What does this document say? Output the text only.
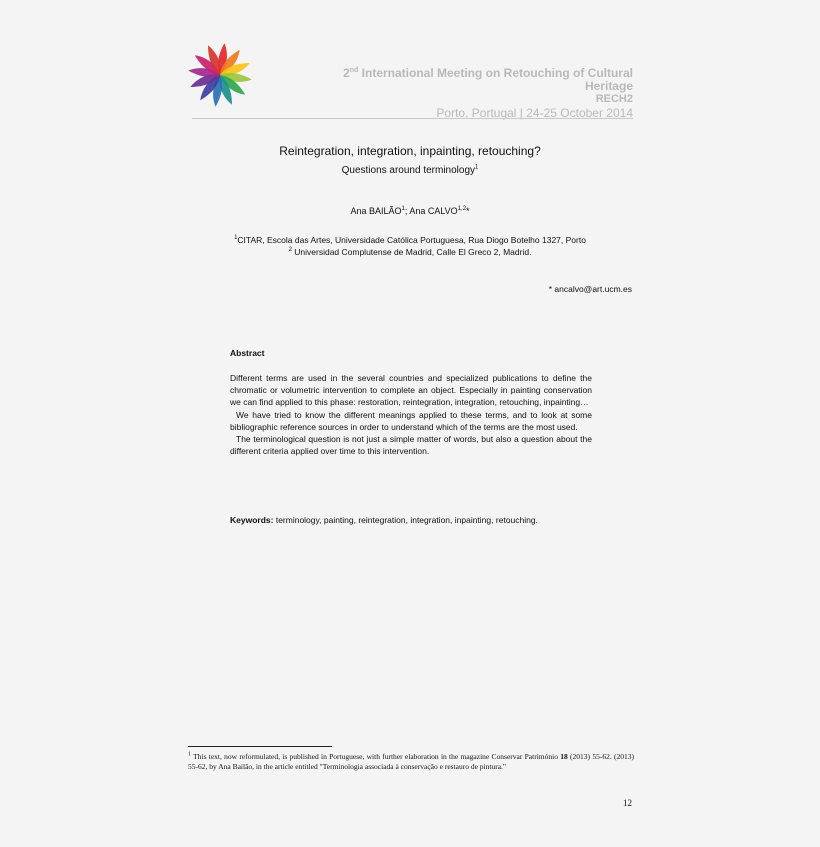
2nd International Meeting on Retouching of Cultural Heritage
RECH2
Porto, Portugal | 24-25 October 2014
Reintegration, integration, inpainting, retouching?
Questions around terminology$^1$
Ana BAILÃO$^1$; Ana CALVO$^{1,2}$*
$^1$CITAR, Escola das Artes, Universidade Católica Portuguesa, Rua Diogo Botelho 1327, Porto
$^2$ Universidad Complutense de Madrid, Calle El Greco 2, Madrid.
* ancalvo@art.ucm.es
Abstract

Different terms are used in the several countries and specialized publications to define the chromatic or volumetric intervention to complete an object. Especially in painting conservation we can find applied to this phase: restoration, reintegration, integration, retouching, inpainting…

We have tried to know the different meanings applied to these terms, and to look at some bibliographic reference sources in order to understand which of the terms are the most used.

The terminological question is not just a simple matter of words, but also a question about the different criteria applied over time to this intervention.

Keywords: terminology, painting, reintegration, integration, inpainting, retouching.
$^1$ This text, now reformulated, is published in Portuguese, with further elaboration in the magazine Conservar Património 18 (2013) 55-62. (2013) 55-62, by Ana Bailão, in the article entitled "Terminologia associada à conservação e restauro de pintura."
12
